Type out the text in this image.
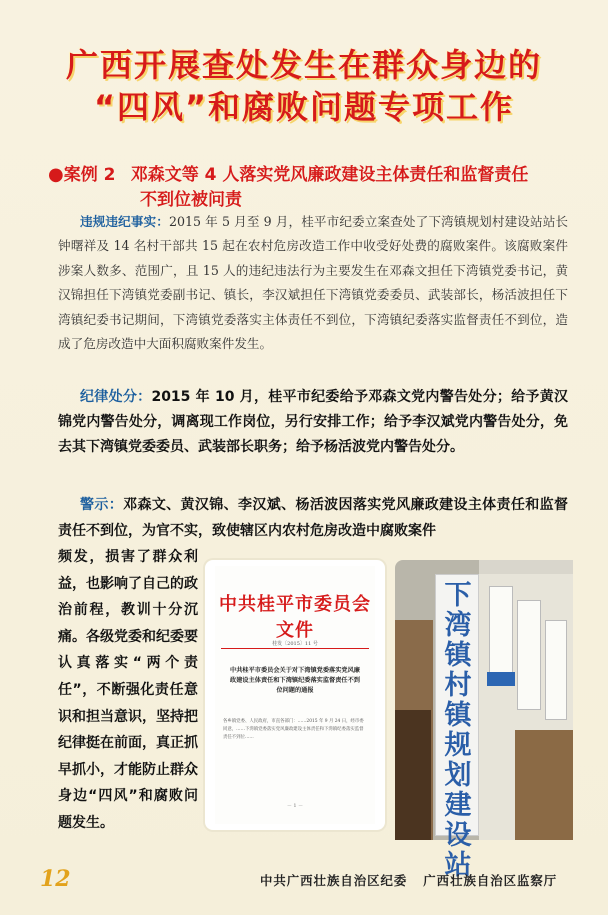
广西开展查处发生在群众身边的
“四风”和腐败问题专项工作
●案例 2 邓森文等 4 人落实党风廉政建设主体责任和监督责任
不到位被问责

违规违纪事实：2015 年 5 月至 9 月，桂平市纪委立案查处了下湾镇规划村建设站站长钟曙祥及 14 名村干部共 15 起在农村危房改造工作中收受好处费的腐败案件。该腐败案件涉案人数多、范围广，且 15 人的违纪违法行为主要发生在邓森文担任下湾镇党委书记，黄汉锦担任下湾镇党委副书记、镇长，李汉斌担任下湾镇党委委员、武装部长，杨活波担任下湾镇纪委书记期间，下湾镇党委落实主体责任不到位，下湾镇纪委落实监督责任不到位，造成了危房改造中大面积腐败案件发生。

纪律处分：2015 年 10 月，桂平市纪委给予邓森文党内警告处分；给予黄汉锦党内警告处分，调离现工作岗位，另行安排工作；给予李汉斌党内警告处分，免去其下湾镇党委委员、武装部长职务；给予杨活波党内警告处分。

警示：邓森文、黄汉锦、李汉斌、杨活波因落实党风廉政建设主体责任和监督责任不到位，为官不实，致使辖区内农村危房改造中腐败案件

频发，损害了群众利益，也影响了自己的政治前程，教训十分沉痛。各级党委和纪委要认真落实“两个责任”，不断强化责任意识和担当意识，坚持把纪律挺在前面，真正抓早抓小，才能防止群众身边“四风”和腐败问题发生。

中共桂平市委员会文件
桂发〔2015〕11 号
中共桂平市委员会关于对下湾镇党委落实党风廉政建设主体责任和下湾镇纪委落实监督责任不到位问题的通报
各乡镇党委、人民政府，市直各部门：……2015 年 9 月 24 日，经市委同意，……下湾镇党委落实党风廉政建设主体责任和下湾镇纪委落实监督责任不到位……
－ 1 －
下湾镇村镇规划建设站
12	中共广西壮族自治区纪委 广西壮族自治区监察厅
